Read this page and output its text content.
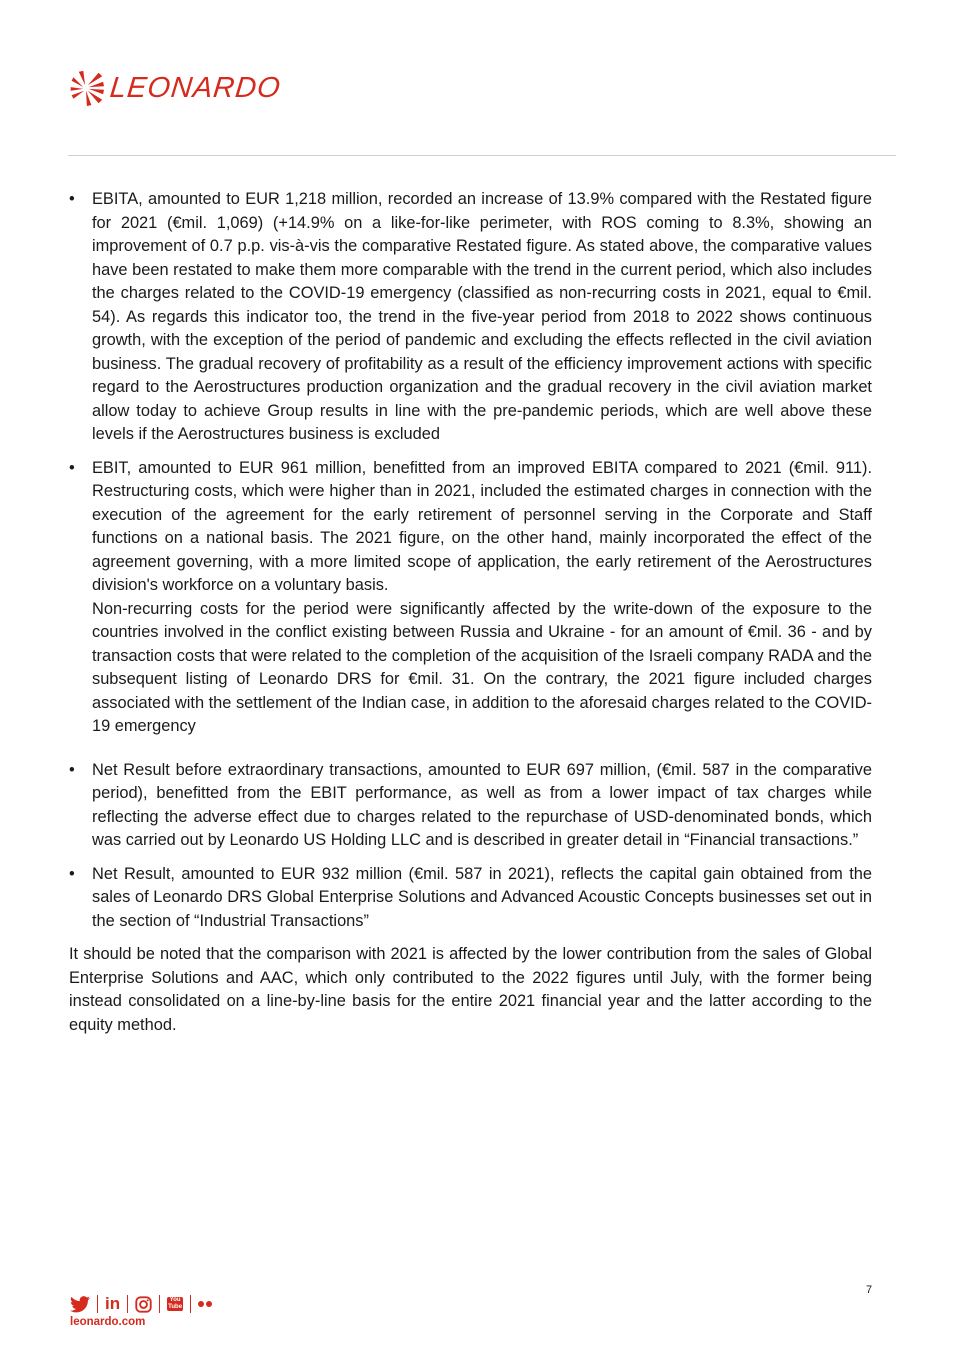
LEONARDO

• EBITA, amounted to EUR 1,218 million, recorded an increase of 13.9% compared with the Restated figure for 2021 (€mil. 1,069) (+14.9% on a like-for-like perimeter, with ROS coming to 8.3%, showing an improvement of 0.7 p.p. vis-à-vis the comparative Restated figure. As stated above, the comparative values have been restated to make them more comparable with the trend in the current period, which also includes the charges related to the COVID-19 emergency (classified as non-recurring costs in 2021, equal to €mil. 54). As regards this indicator too, the trend in the five-year period from 2018 to 2022 shows continuous growth, with the exception of the period of pandemic and excluding the effects reflected in the civil aviation business. The gradual recovery of profitability as a result of the efficiency improvement actions with specific regard to the Aerostructures production organization and the gradual recovery in the civil aviation market allow today to achieve Group results in line with the pre-pandemic periods, which are well above these levels if the Aerostructures business is excluded

• EBIT, amounted to EUR 961 million, benefitted from an improved EBITA compared to 2021 (€mil. 911). Restructuring costs, which were higher than in 2021, included the estimated charges in connection with the execution of the agreement for the early retirement of personnel serving in the Corporate and Staff functions on a national basis. The 2021 figure, on the other hand, mainly incorporated the effect of the agreement governing, with a more limited scope of application, the early retirement of the Aerostructures division's workforce on a voluntary basis.

Non-recurring costs for the period were significantly affected by the write-down of the exposure to the countries involved in the conflict existing between Russia and Ukraine - for an amount of €mil. 36 - and by transaction costs that were related to the completion of the acquisition of the Israeli company RADA and the subsequent listing of Leonardo DRS for €mil. 31. On the contrary, the 2021 figure included charges associated with the settlement of the Indian case, in addition to the aforesaid charges related to the COVID-19 emergency

• Net Result before extraordinary transactions, amounted to EUR 697 million, (€mil. 587 in the comparative period), benefitted from the EBIT performance, as well as from a lower impact of tax charges while reflecting the adverse effect due to charges related to the repurchase of USD-denominated bonds, which was carried out by Leonardo US Holding LLC and is described in greater detail in “Financial transactions.”

• Net Result, amounted to EUR 932 million (€mil. 587 in 2021), reflects the capital gain obtained from the sales of Leonardo DRS Global Enterprise Solutions and Advanced Acoustic Concepts businesses set out in the section of “Industrial Transactions”

It should be noted that the comparison with 2021 is affected by the lower contribution from the sales of Global Enterprise Solutions and AAC, which only contributed to the 2022 figures until July, with the former being instead consolidated on a line-by-line basis for the entire 2021 financial year and the latter according to the equity method.

in	You Tube
leonardo.com
7
